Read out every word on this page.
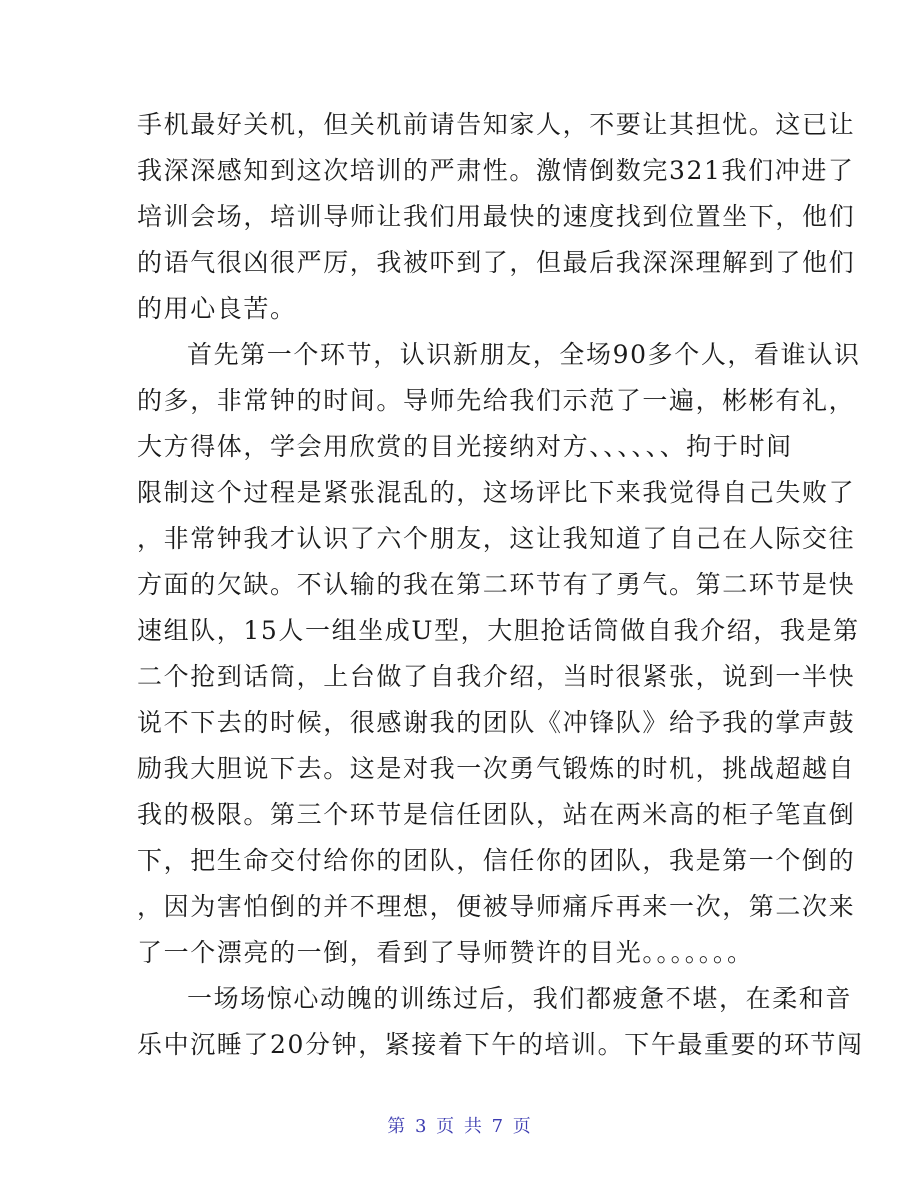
手机最好关机，但关机前请告知家人，不要让其担忧。这已让
我深深感知到这次培训的严肃性。激情倒数完321我们冲进了
培训会场，培训导师让我们用最快的速度找到位置坐下，他们
的语气很凶很严厉，我被吓到了，但最后我深深理解到了他们
的用心良苦。
首先第一个环节，认识新朋友，全场90多个人，看谁认识
的多，非常钟的时间。导师先给我们示范了一遍，彬彬有礼，
大方得体，学会用欣赏的目光接纳对方、、、、、、拘于时间
限制这个过程是紧张混乱的，这场评比下来我觉得自己失败了
，非常钟我才认识了六个朋友，这让我知道了自己在人际交往
方面的欠缺。不认输的我在第二环节有了勇气。第二环节是快
速组队，15人一组坐成U型，大胆抢话筒做自我介绍，我是第
二个抢到话筒，上台做了自我介绍，当时很紧张，说到一半快
说不下去的时候，很感谢我的团队《冲锋队》给予我的掌声鼓
励我大胆说下去。这是对我一次勇气锻炼的时机，挑战超越自
我的极限。第三个环节是信任团队，站在两米高的柜子笔直倒
下，把生命交付给你的团队，信任你的团队，我是第一个倒的
，因为害怕倒的并不理想，便被导师痛斥再来一次，第二次来
了一个漂亮的一倒，看到了导师赞许的目光。。。。。。。
一场场惊心动魄的训练过后，我们都疲惫不堪，在柔和音
乐中沉睡了20分钟，紧接着下午的培训。下午最重要的环节闯
第 3 页 共 7 页
